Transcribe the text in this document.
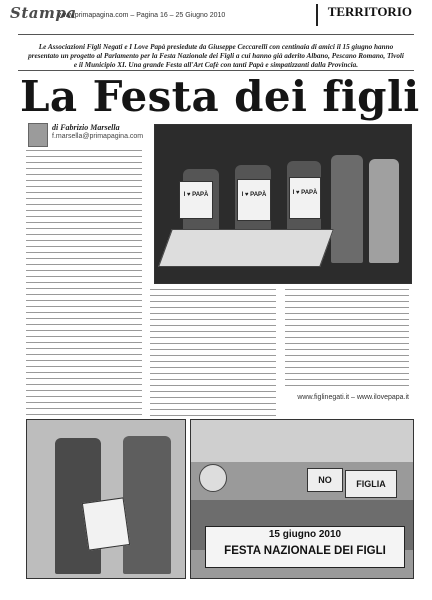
Stampa
www.primapagina.com – Pagina 16 – 25 Giugno 2010	TERRITORIO
Le Associazioni Figli Negati e I Love Papà presiedute da Giuseppe Ceccarelli con centinaia di amici il 15 giugno hanno presentato un progetto al Parlamento per la Festa Nazionale dei Figli a cui hanno già aderito Albano, Pescano Romano, Tivoli e il Municipio XI. Una grande Festa all'Art Cafè con tanti Papà e simpatizzanti dalla Provincia.
La Festa dei figli
di Fabrizio Marsella
f.marsella@primapagina.com
www.figlinegati.it – www.ilovepapa.it
I ♥ PAPÀ	I ♥ PAPÀ	I ♥ PAPÀ
NO	FIGLIA
15 giugno 2010
FESTA NAZIONALE DEI FIGLI
